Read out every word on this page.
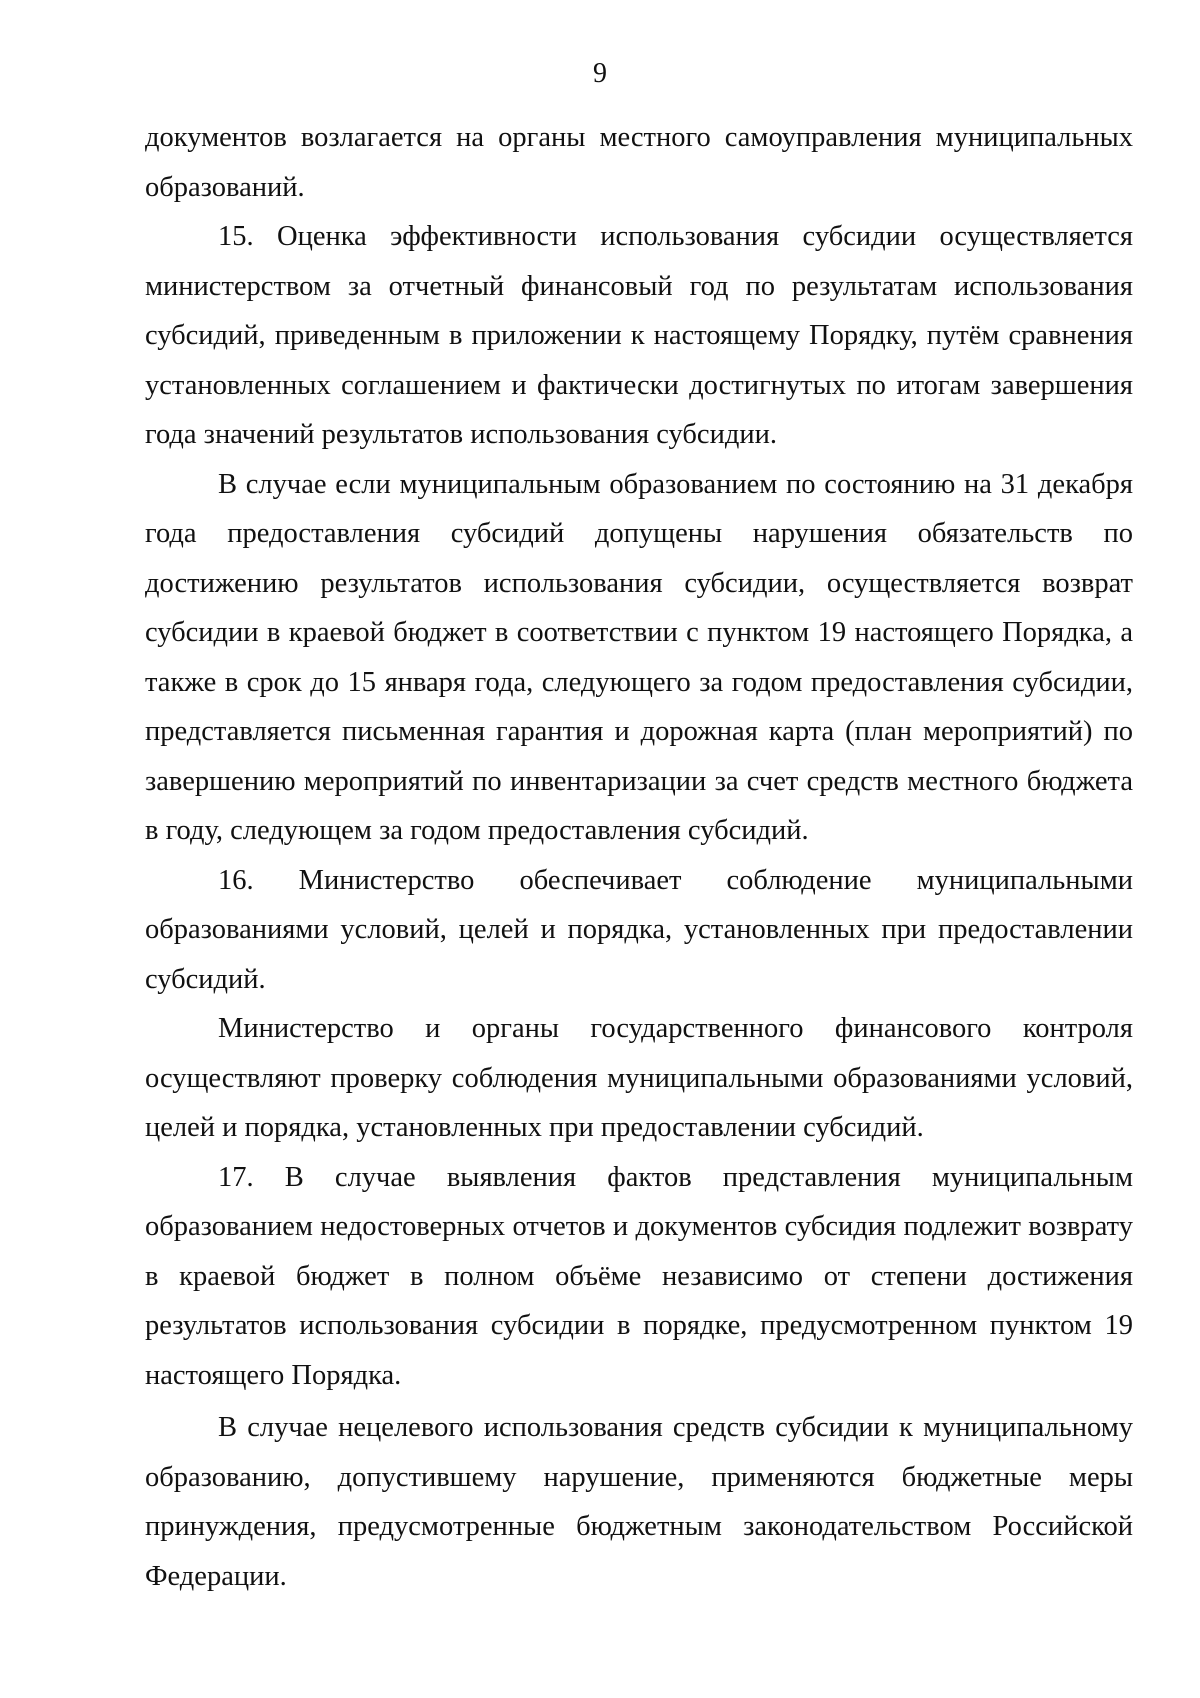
9

документов возлагается на органы местного самоуправления муниципальных образований.

15. Оценка эффективности использования субсидии осуществляется министерством за отчетный финансовый год по результатам использования субсидий, приведенным в приложении к настоящему Порядку, путём сравнения установленных соглашением и фактически достигнутых по итогам завершения года значений результатов использования субсидии.

В случае если муниципальным образованием по состоянию на 31 декабря года предоставления субсидий допущены нарушения обязательств по достижению результатов использования субсидии, осуществляется возврат субсидии в краевой бюджет в соответствии с пунктом 19 настоящего Порядка, а также в срок до 15 января года, следующего за годом предоставления субсидии, представляется письменная гарантия и дорожная карта (план мероприятий) по завершению мероприятий по инвентаризации за счет средств местного бюджета в году, следующем за годом предоставления субсидий.

16. Министерство обеспечивает соблюдение муниципальными образованиями условий, целей и порядка, установленных при предоставлении субсидий.

Министерство и органы государственного финансового контроля осуществляют проверку соблюдения муниципальными образованиями условий, целей и порядка, установленных при предоставлении субсидий.

17. В случае выявления фактов представления муниципальным образованием недостоверных отчетов и документов субсидия подлежит возврату в краевой бюджет в полном объёме независимо от степени достижения результатов использования субсидии в порядке, предусмотренном пунктом 19 настоящего Порядка.

В случае нецелевого использования средств субсидии к муниципальному образованию, допустившему нарушение, применяются бюджетные меры принуждения, предусмотренные бюджетным законодательством Российской Федерации.
